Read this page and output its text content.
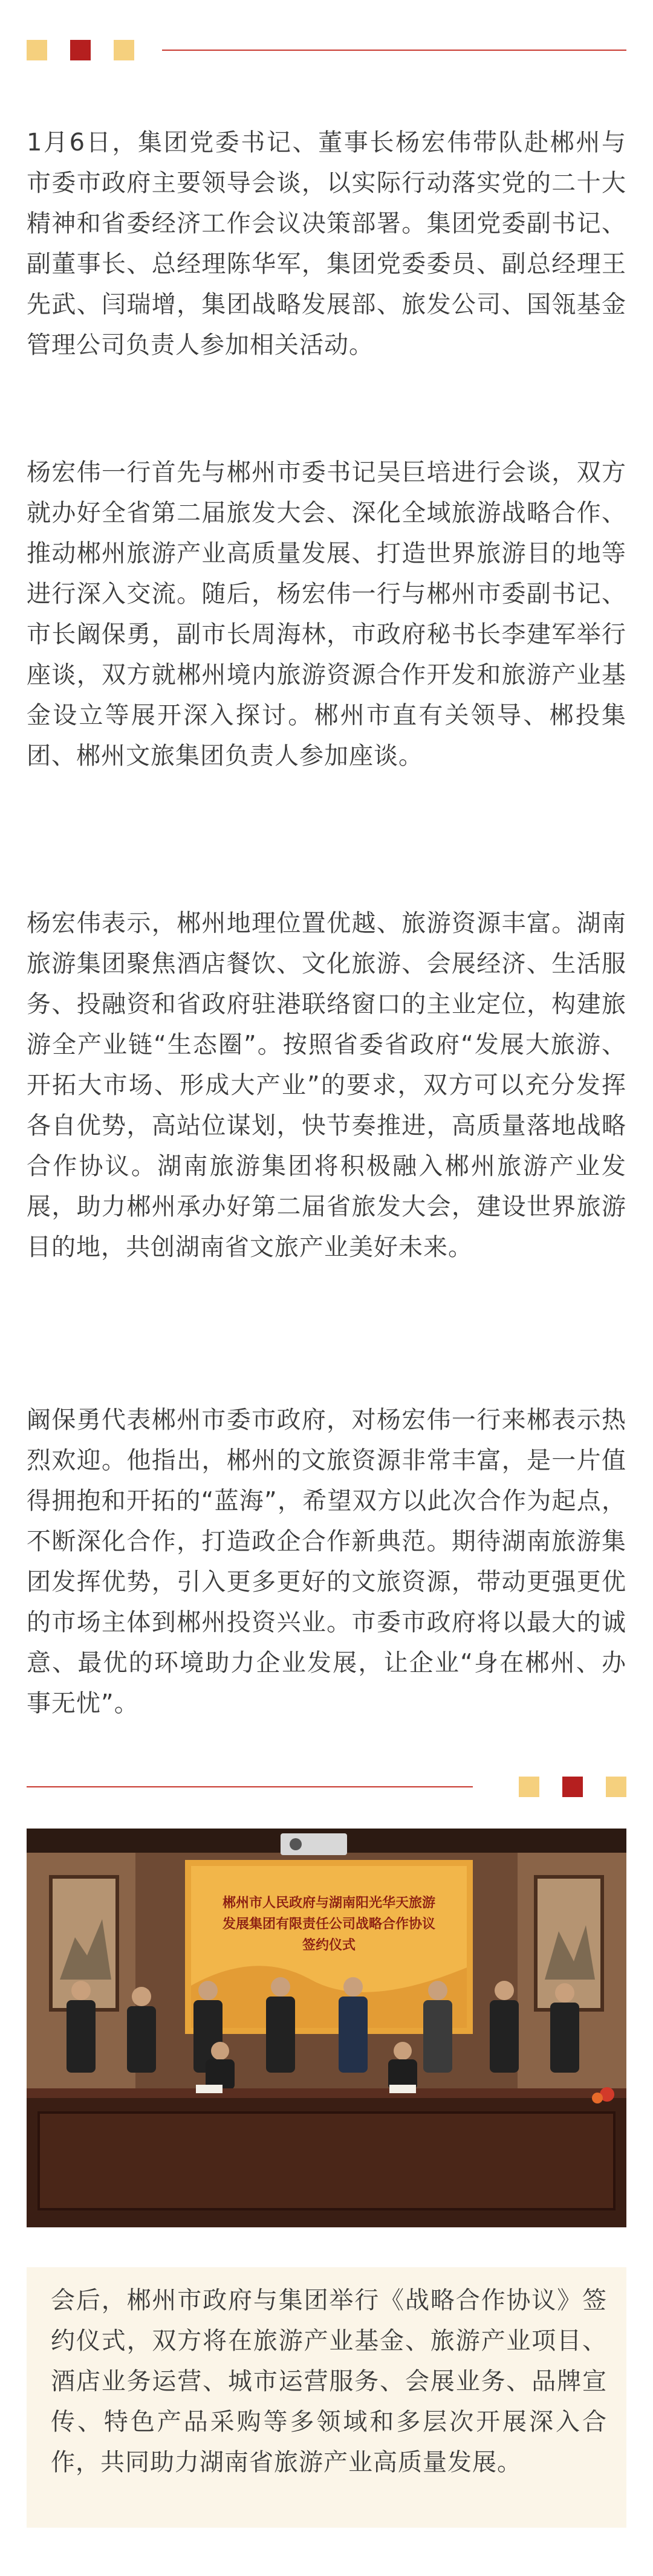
1月6日，集团党委书记、董事长杨宏伟带队赴郴州与市委市政府主要领导会谈，以实际行动落实党的二十大精神和省委经济工作会议决策部署。集团党委副书记、副董事长、总经理陈华军，集团党委委员、副总经理王先武、闫瑞增，集团战略发展部、旅发公司、国瓴基金管理公司负责人参加相关活动。

杨宏伟一行首先与郴州市委书记吴巨培进行会谈，双方就办好全省第二届旅发大会、深化全域旅游战略合作、推动郴州旅游产业高质量发展、打造世界旅游目的地等进行深入交流。随后，杨宏伟一行与郴州市委副书记、市长阚保勇，副市长周海林，市政府秘书长李建军举行座谈，双方就郴州境内旅游资源合作开发和旅游产业基金设立等展开深入探讨。郴州市直有关领导、郴投集团、郴州文旅集团负责人参加座谈。

杨宏伟表示，郴州地理位置优越、旅游资源丰富。湖南旅游集团聚焦酒店餐饮、文化旅游、会展经济、生活服务、投融资和省政府驻港联络窗口的主业定位，构建旅游全产业链“生态圈”。按照省委省政府“发展大旅游、开拓大市场、形成大产业”的要求，双方可以充分发挥各自优势，高站位谋划，快节奏推进，高质量落地战略合作协议。湖南旅游集团将积极融入郴州旅游产业发展，助力郴州承办好第二届省旅发大会，建设世界旅游目的地，共创湖南省文旅产业美好未来。

阚保勇代表郴州市委市政府，对杨宏伟一行来郴表示热烈欢迎。他指出，郴州的文旅资源非常丰富，是一片值得拥抱和开拓的“蓝海”，希望双方以此次合作为起点，不断深化合作，打造政企合作新典范。期待湖南旅游集团发挥优势，引入更多更好的文旅资源，带动更强更优的市场主体到郴州投资兴业。市委市政府将以最大的诚意、最优的环境助力企业发展，让企业“身在郴州、办事无忧”。

郴州市人民政府与湖南阳光华天旅游
发展集团有限责任公司战略合作协议
签约仪式

会后，郴州市政府与集团举行《战略合作协议》签约仪式，双方将在旅游产业基金、旅游产业项目、酒店业务运营、城市运营服务、会展业务、品牌宣传、特色产品采购等多领域和多层次开展深入合作，共同助力湖南省旅游产业高质量发展。
